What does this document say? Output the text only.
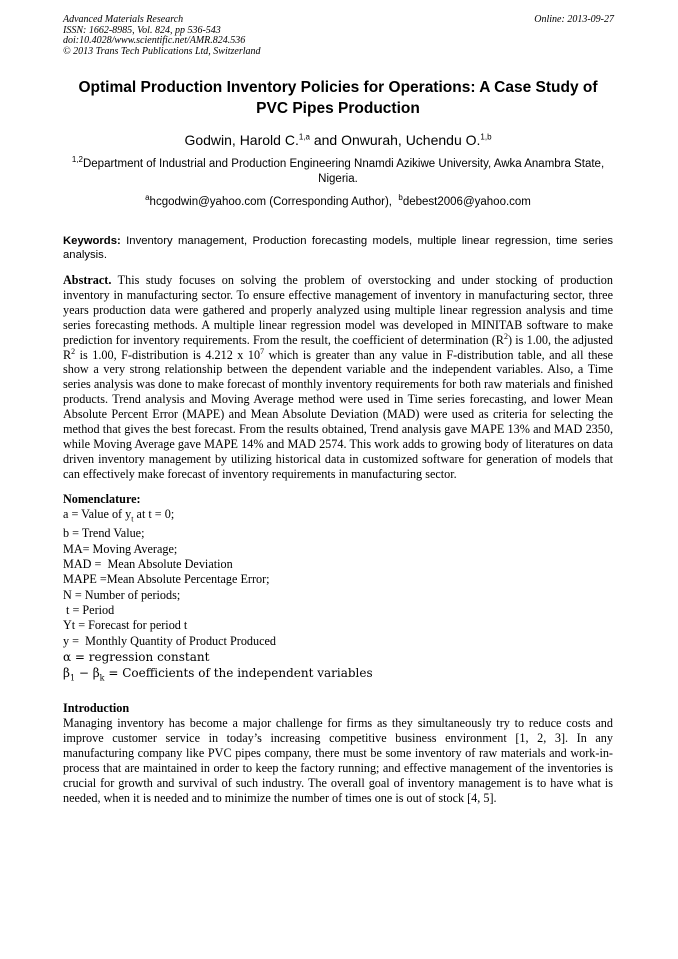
Advanced Materials Research
ISSN: 1662-8985, Vol. 824, pp 536-543
doi:10.4028/www.scientific.net/AMR.824.536
© 2013 Trans Tech Publications Ltd, Switzerland
Online: 2013-09-27
Optimal Production Inventory Policies for Operations: A Case Study of PVC Pipes Production
Godwin, Harold C.$^{1,a}$ and Onwurah, Uchendu O.$^{1,b}$
$^{1,2}$Department of Industrial and Production Engineering Nnamdi Azikiwe University, Awka Anambra State, Nigeria.
$^a$hcgodwin@yahoo.com (Corresponding Author), $^b$debest2006@yahoo.com
Keywords: Inventory management, Production forecasting models, multiple linear regression, time series analysis.
Abstract. This study focuses on solving the problem of overstocking and under stocking of production inventory in manufacturing sector. To ensure effective management of inventory in manufacturing sector, three years production data were gathered and properly analyzed using multiple linear regression analysis and time series forecasting methods. A multiple linear regression model was developed in MINITAB software to make prediction for inventory requirements. From the result, the coefficient of determination $(R^2)$ is 1.00, the adjusted $R^2$ is 1.00, F-distribution is 4.212 x $10^7$ which is greater than any value in F-distribution table, and all these show a very strong relationship between the dependent variable and the independent variables. Also, a Time series analysis was done to make forecast of monthly inventory requirements for both raw materials and finished products. Trend analysis and Moving Average method were used in Time series forecasting, and lower Mean Absolute Percent Error (MAPE) and Mean Absolute Deviation (MAD) were used as criteria for selecting the method that gives the best forecast. From the results obtained, Trend analysis gave MAPE 13% and MAD 2350, while Moving Average gave MAPE 14% and MAD 2574. This work adds to growing body of literatures on data driven inventory management by utilizing historical data in customized software for generation of models that can effectively make forecast of inventory requirements in manufacturing sector.
Nomenclature:
a = Value of $y_t$ at t = 0;
b = Trend Value;
MA= Moving Average;
MAD =  Mean Absolute Deviation
MAPE =Mean Absolute Percentage Error;
N = Number of periods;
t = Period
Yt = Forecast for period t
y =  Monthly Quantity of Product Produced
α = regression constant
$\beta_1 - \beta_k$ = Coefficients of the independent variables
Introduction
Managing inventory has become a major challenge for firms as they simultaneously try to reduce costs and improve customer service in today’s increasing competitive business environment [1, 2, 3]. In any manufacturing company like PVC pipes company, there must be some inventory of raw materials and work-in-process that are maintained in order to keep the factory running; and effective management of the inventories is crucial for growth and survival of such industry. The overall goal of inventory management is to have what is needed, when it is needed and to minimize the number of times one is out of stock [4, 5].
